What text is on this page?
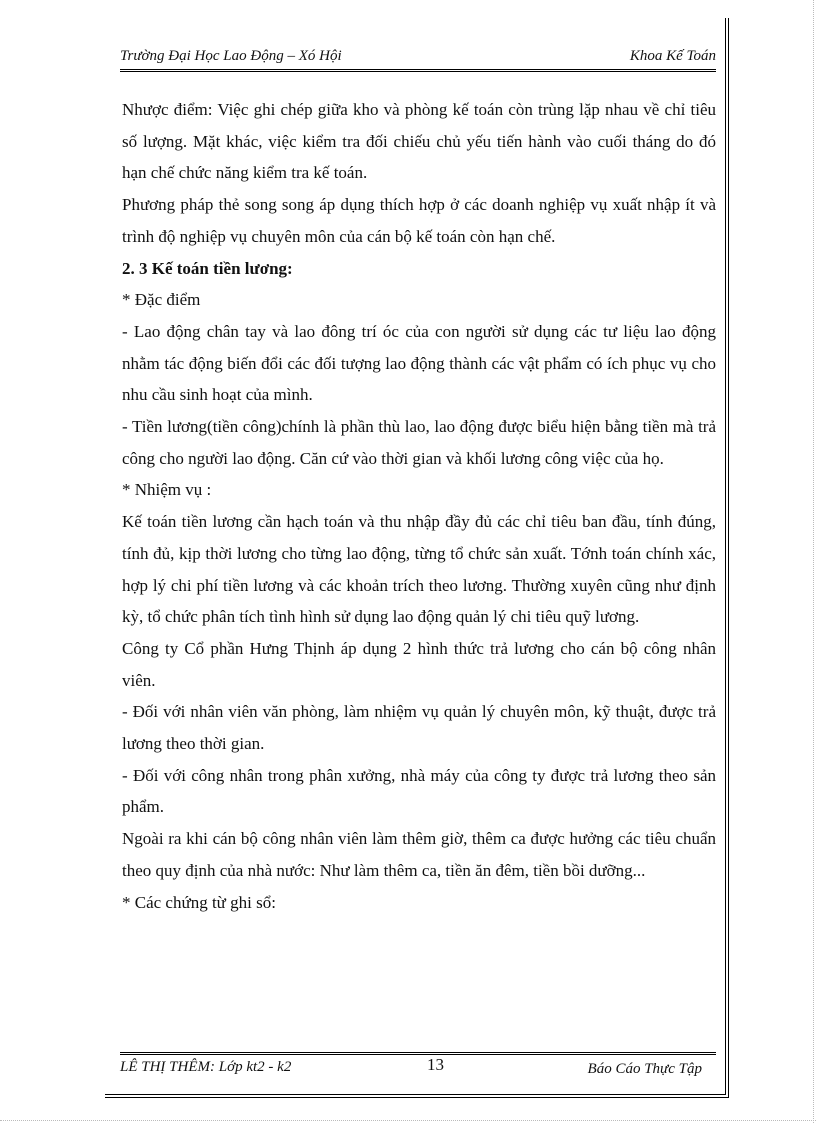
Trường Đại Học Lao Động – Xó Hội	Khoa Kế Toán

Nhược điểm: Việc ghi chép giữa kho và phòng kế toán còn trùng lặp nhau về chỉ tiêu số lượng. Mặt khác, việc kiểm tra đối chiếu chủ yếu tiến hành vào cuối tháng do đó hạn chế chức năng kiểm tra kế toán.

Phương pháp thẻ song song áp dụng thích hợp ở các doanh nghiệp vụ xuất nhập ít và trình độ nghiệp vụ chuyên môn của cán bộ kế toán còn hạn chế.

2. 3 Kế toán tiền lương:

* Đặc điểm

- Lao động chân tay và lao đông trí óc của con người sử dụng các tư liệu lao động nhằm tác động biến đổi các đối tượng lao động thành các vật phẩm có ích phục vụ cho nhu cầu sinh hoạt của mình.

- Tiền lương(tiền công)chính là phần thù lao, lao động được biểu hiện bằng tiền mà trả công cho người lao động. Căn cứ vào thời gian và khối lương công việc của họ.

* Nhiệm vụ :

Kế toán tiền lương cần hạch toán và thu nhập đầy đủ các chỉ tiêu ban đầu, tính đúng, tính đủ, kịp thời lương cho từng lao động, từng tổ chức sản xuất. Tớnh toán chính xác, hợp lý chi phí tiền lương và các khoản trích theo lương. Thường xuyên cũng như định kỳ, tổ chức phân tích tình hình sử dụng lao động quản lý chi tiêu quỹ lương.

Công ty Cổ phần Hưng Thịnh áp dụng 2 hình thức trả lương cho cán bộ công nhân viên.

- Đối với nhân viên văn phòng, làm nhiệm vụ quản lý chuyên môn, kỹ thuật, được trả lương theo thời gian.

- Đối với công nhân trong phân xưởng, nhà máy của công ty được trả lương theo sản phẩm.

Ngoài ra khi cán bộ công nhân viên làm thêm giờ, thêm ca được hưởng các tiêu chuẩn theo quy định của nhà nước: Như làm thêm ca, tiền ăn đêm, tiền bồi dưỡng...

* Các chứng từ ghi sổ:

LÊ THỊ THÊM: Lớp kt2 - k2	13	Báo Cáo Thực Tập
